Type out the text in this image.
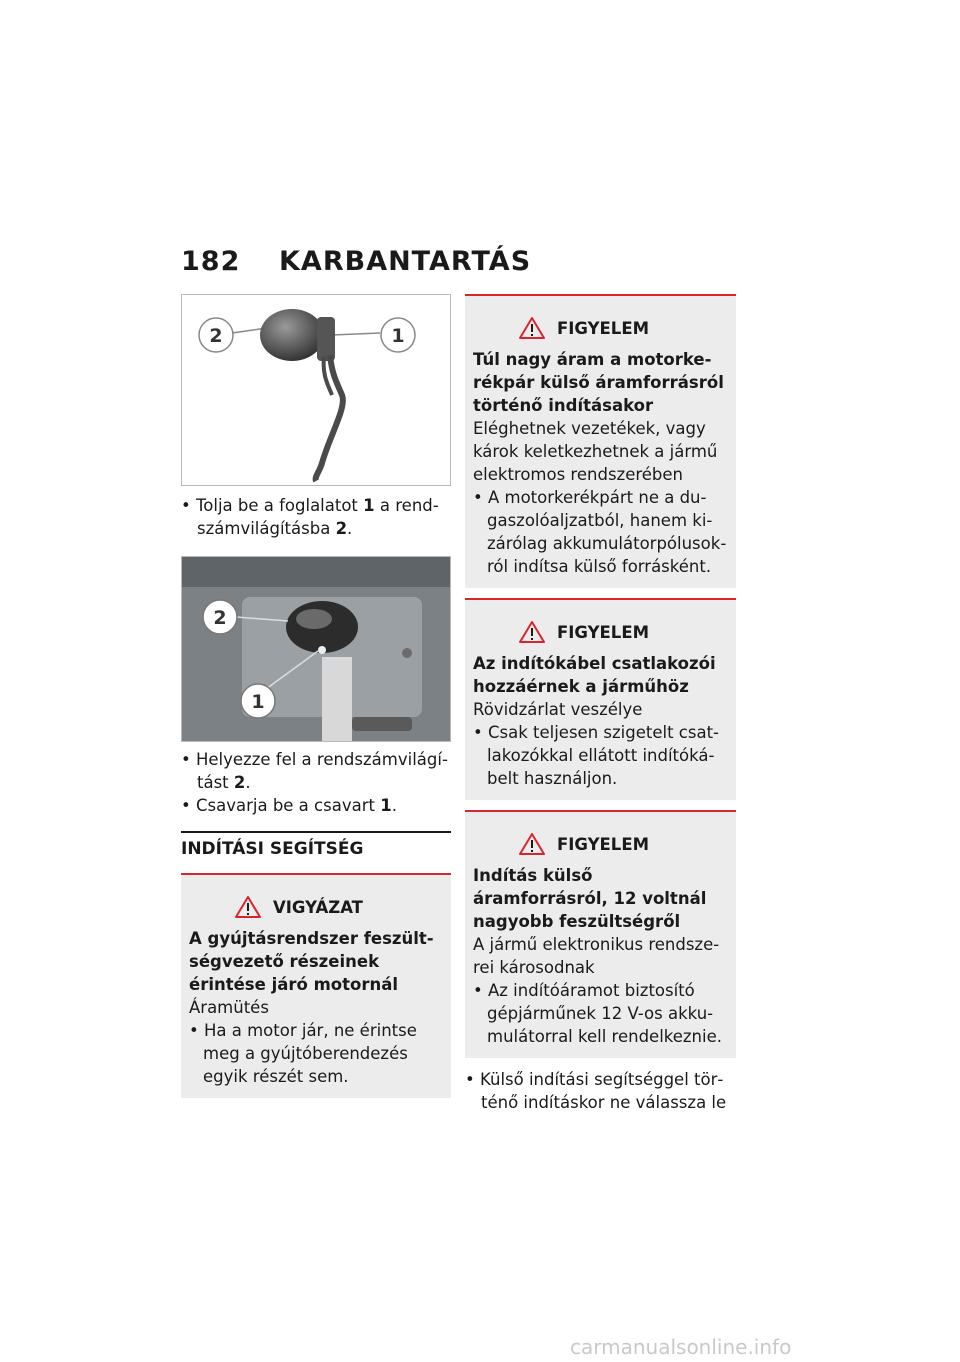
182 KARBANTARTÁS
2	1
• Tolja be a foglalatot 1 a rendszámvilágításba 2.
2
1
• Helyezze fel a rendszámvilágítást 2.
• Csavarja be a csavart 1.
INDÍTÁSI SEGÍTSÉG
VIGYÁZAT
A gyújtásrendszer feszültségvezető részeinek érintése járó motornál
Áramütés
• Ha a motor jár, ne érintse meg a gyújtóberendezés egyik részét sem.
FIGYELEM
Túl nagy áram a motorkerékpár külső áramforrásról történő indításakor
Eléghetnek vezetékek, vagy károk keletkezhetnek a jármű elektromos rendszerében
• A motorkerékpárt ne a dugaszolóaljzatból, hanem kizárólag akkumulátorpólusokról indítsa külső forrásként.
FIGYELEM
Az indítókábel csatlakozói hozzáérnek a járműhöz
Rövidzárlat veszélye
• Csak teljesen szigetelt csatlakozókkal ellátott indítókábelt használjon.
FIGYELEM
Indítás külső áramforrásról, 12 voltnál nagyobb feszültségről
A jármű elektronikus rendszerei károsodnak
• Az indítóáramot biztosító gépjárműnek 12 V-os akkumulátorral kell rendelkeznie.
• Külső indítási segítséggel történő indításkor ne válassza le
carmanualsonline.info
